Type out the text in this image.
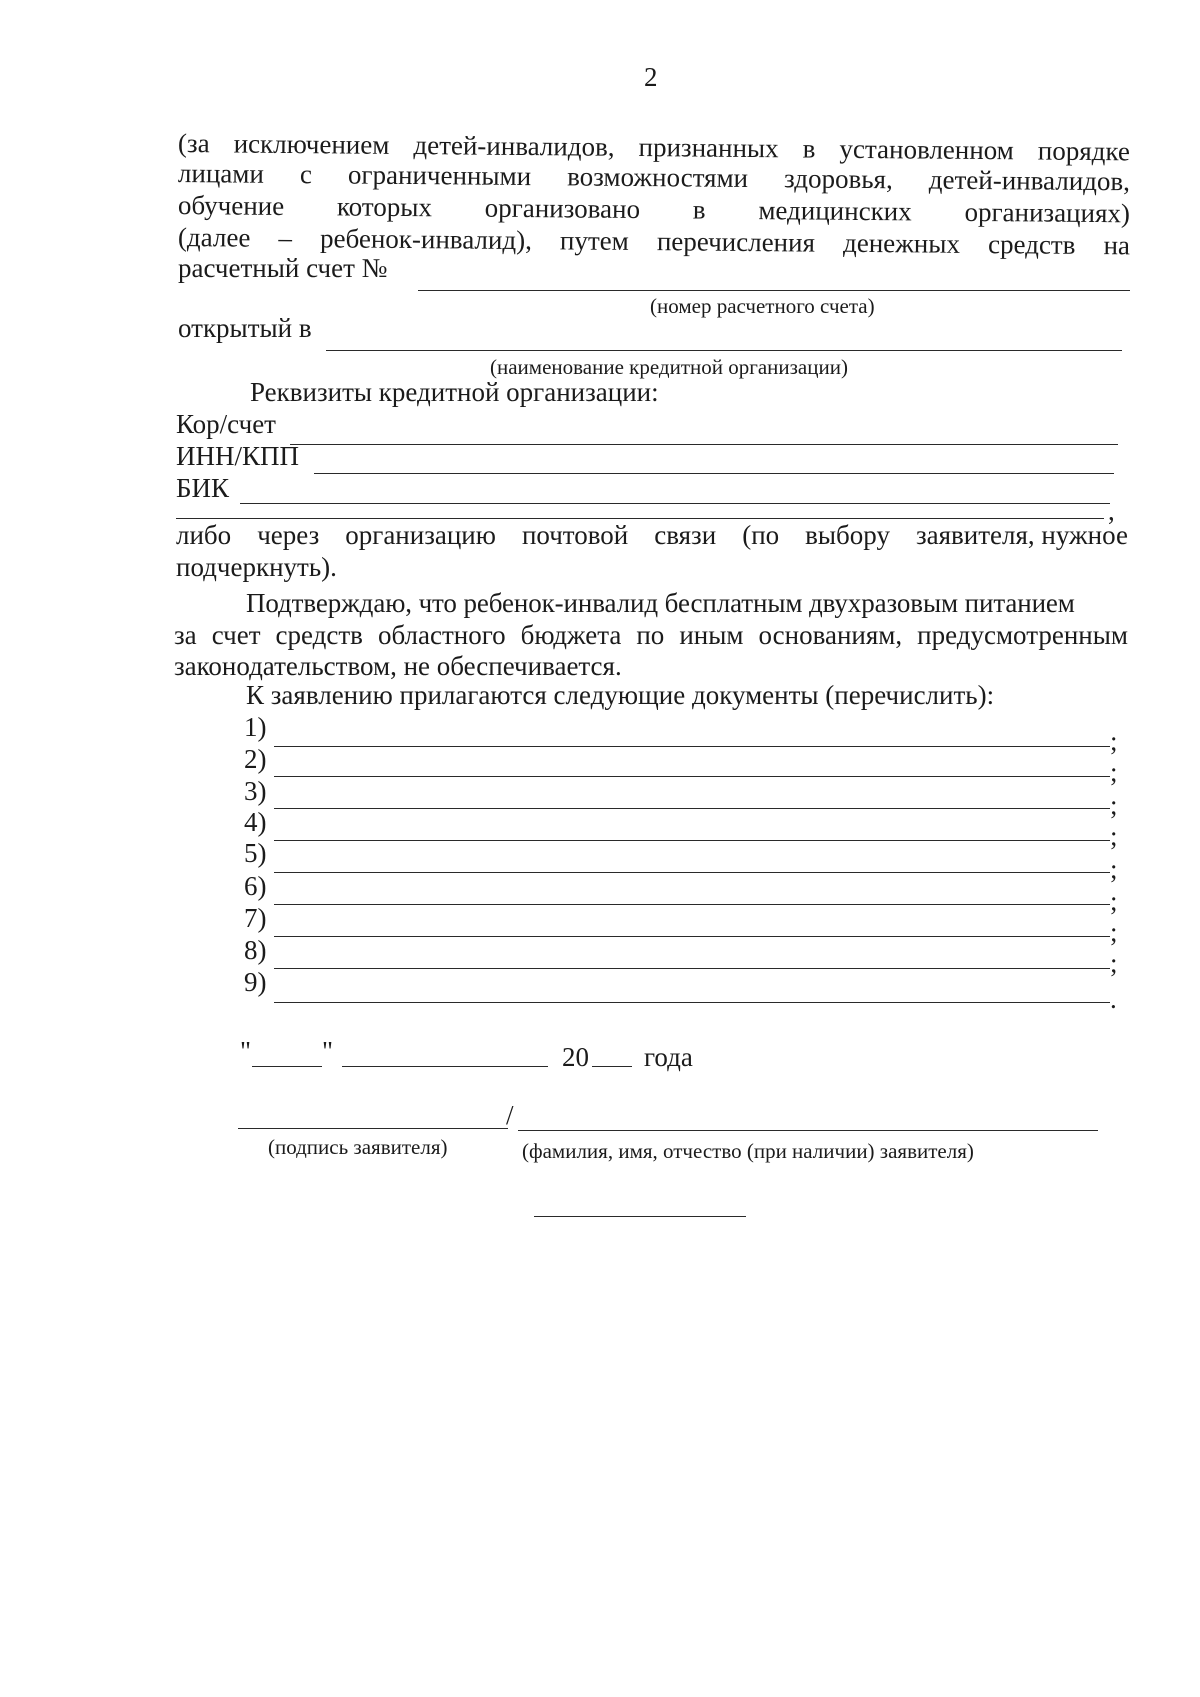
2
(за исключением детей-инвалидов, признанных в установленном порядке
лицами с ограниченными возможностями здоровья, детей-инвалидов,
обучение которых организовано в медицинских организациях)
(далее – ребенок-инвалид), путем перечисления денежных средств на
расчетный счет №
(номер расчетного счета)
открытый в
(наименование кредитной организации)
Реквизиты кредитной организации:
Кор/счет
ИНН/КПП
БИК
,
либо через организацию почтовой связи (по выбору заявителя, нужное
подчеркнуть).
Подтверждаю, что ребенок-инвалид бесплатным двухразовым питанием
за счет средств областного бюджета по иным основаниям, предусмотренным
законодательством, не обеспечивается.
К заявлению прилагаются следующие документы (перечислить):
1)	;
2)	;
3)	;
4)	;
5)
;
6)	;
7)	;
8)	;
9)
.
"	"	20 года
/
(подпись заявителя)	(фамилия, имя, отчество (при наличии) заявителя)
